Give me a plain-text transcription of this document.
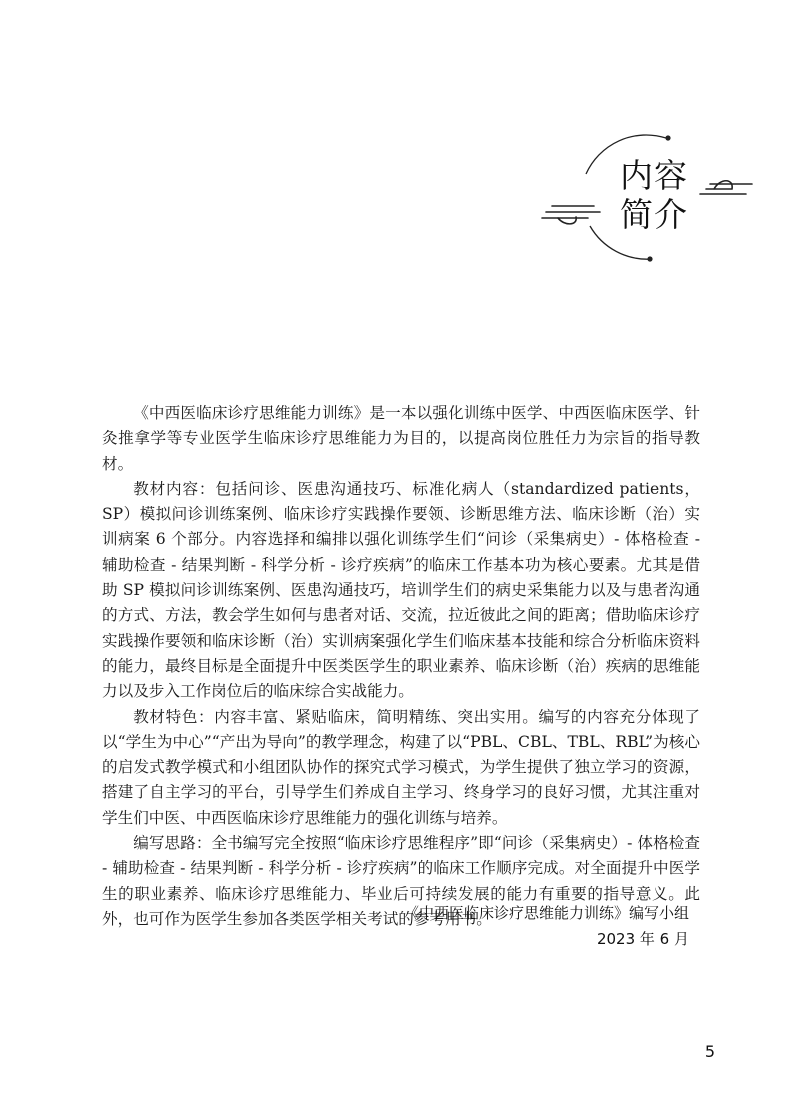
内容
简介

《中西医临床诊疗思维能力训练》是一本以强化训练中医学、中西医临床医学、针灸推拿学等专业医学生临床诊疗思维能力为目的，以提高岗位胜任力为宗旨的指导教材。

教材内容：包括问诊、医患沟通技巧、标准化病人（standardized patients，SP）模拟问诊训练案例、临床诊疗实践操作要领、诊断思维方法、临床诊断（治）实训病案 6 个部分。内容选择和编排以强化训练学生们“问诊（采集病史）- 体格检查 - 辅助检查 - 结果判断 - 科学分析 - 诊疗疾病”的临床工作基本功为核心要素。尤其是借助 SP 模拟问诊训练案例、医患沟通技巧，培训学生们的病史采集能力以及与患者沟通的方式、方法，教会学生如何与患者对话、交流，拉近彼此之间的距离；借助临床诊疗实践操作要领和临床诊断（治）实训病案强化学生们临床基本技能和综合分析临床资料的能力，最终目标是全面提升中医类医学生的职业素养、临床诊断（治）疾病的思维能力以及步入工作岗位后的临床综合实战能力。

教材特色：内容丰富、紧贴临床，简明精练、突出实用。编写的内容充分体现了以“学生为中心”“产出为导向”的教学理念，构建了以“PBL、CBL、TBL、RBL”为核心的启发式教学模式和小组团队协作的探究式学习模式，为学生提供了独立学习的资源，搭建了自主学习的平台，引导学生们养成自主学习、终身学习的良好习惯，尤其注重对学生们中医、中西医临床诊疗思维能力的强化训练与培养。

编写思路：全书编写完全按照“临床诊疗思维程序”即“问诊（采集病史）- 体格检查 - 辅助检查 - 结果判断 - 科学分析 - 诊疗疾病”的临床工作顺序完成。对全面提升中医学生的职业素养、临床诊疗思维能力、毕业后可持续发展的能力有重要的指导意义。此外，也可作为医学生参加各类医学相关考试的参考用书。

《中西医临床诊疗思维能力训练》编写小组
2023 年 6 月
5
